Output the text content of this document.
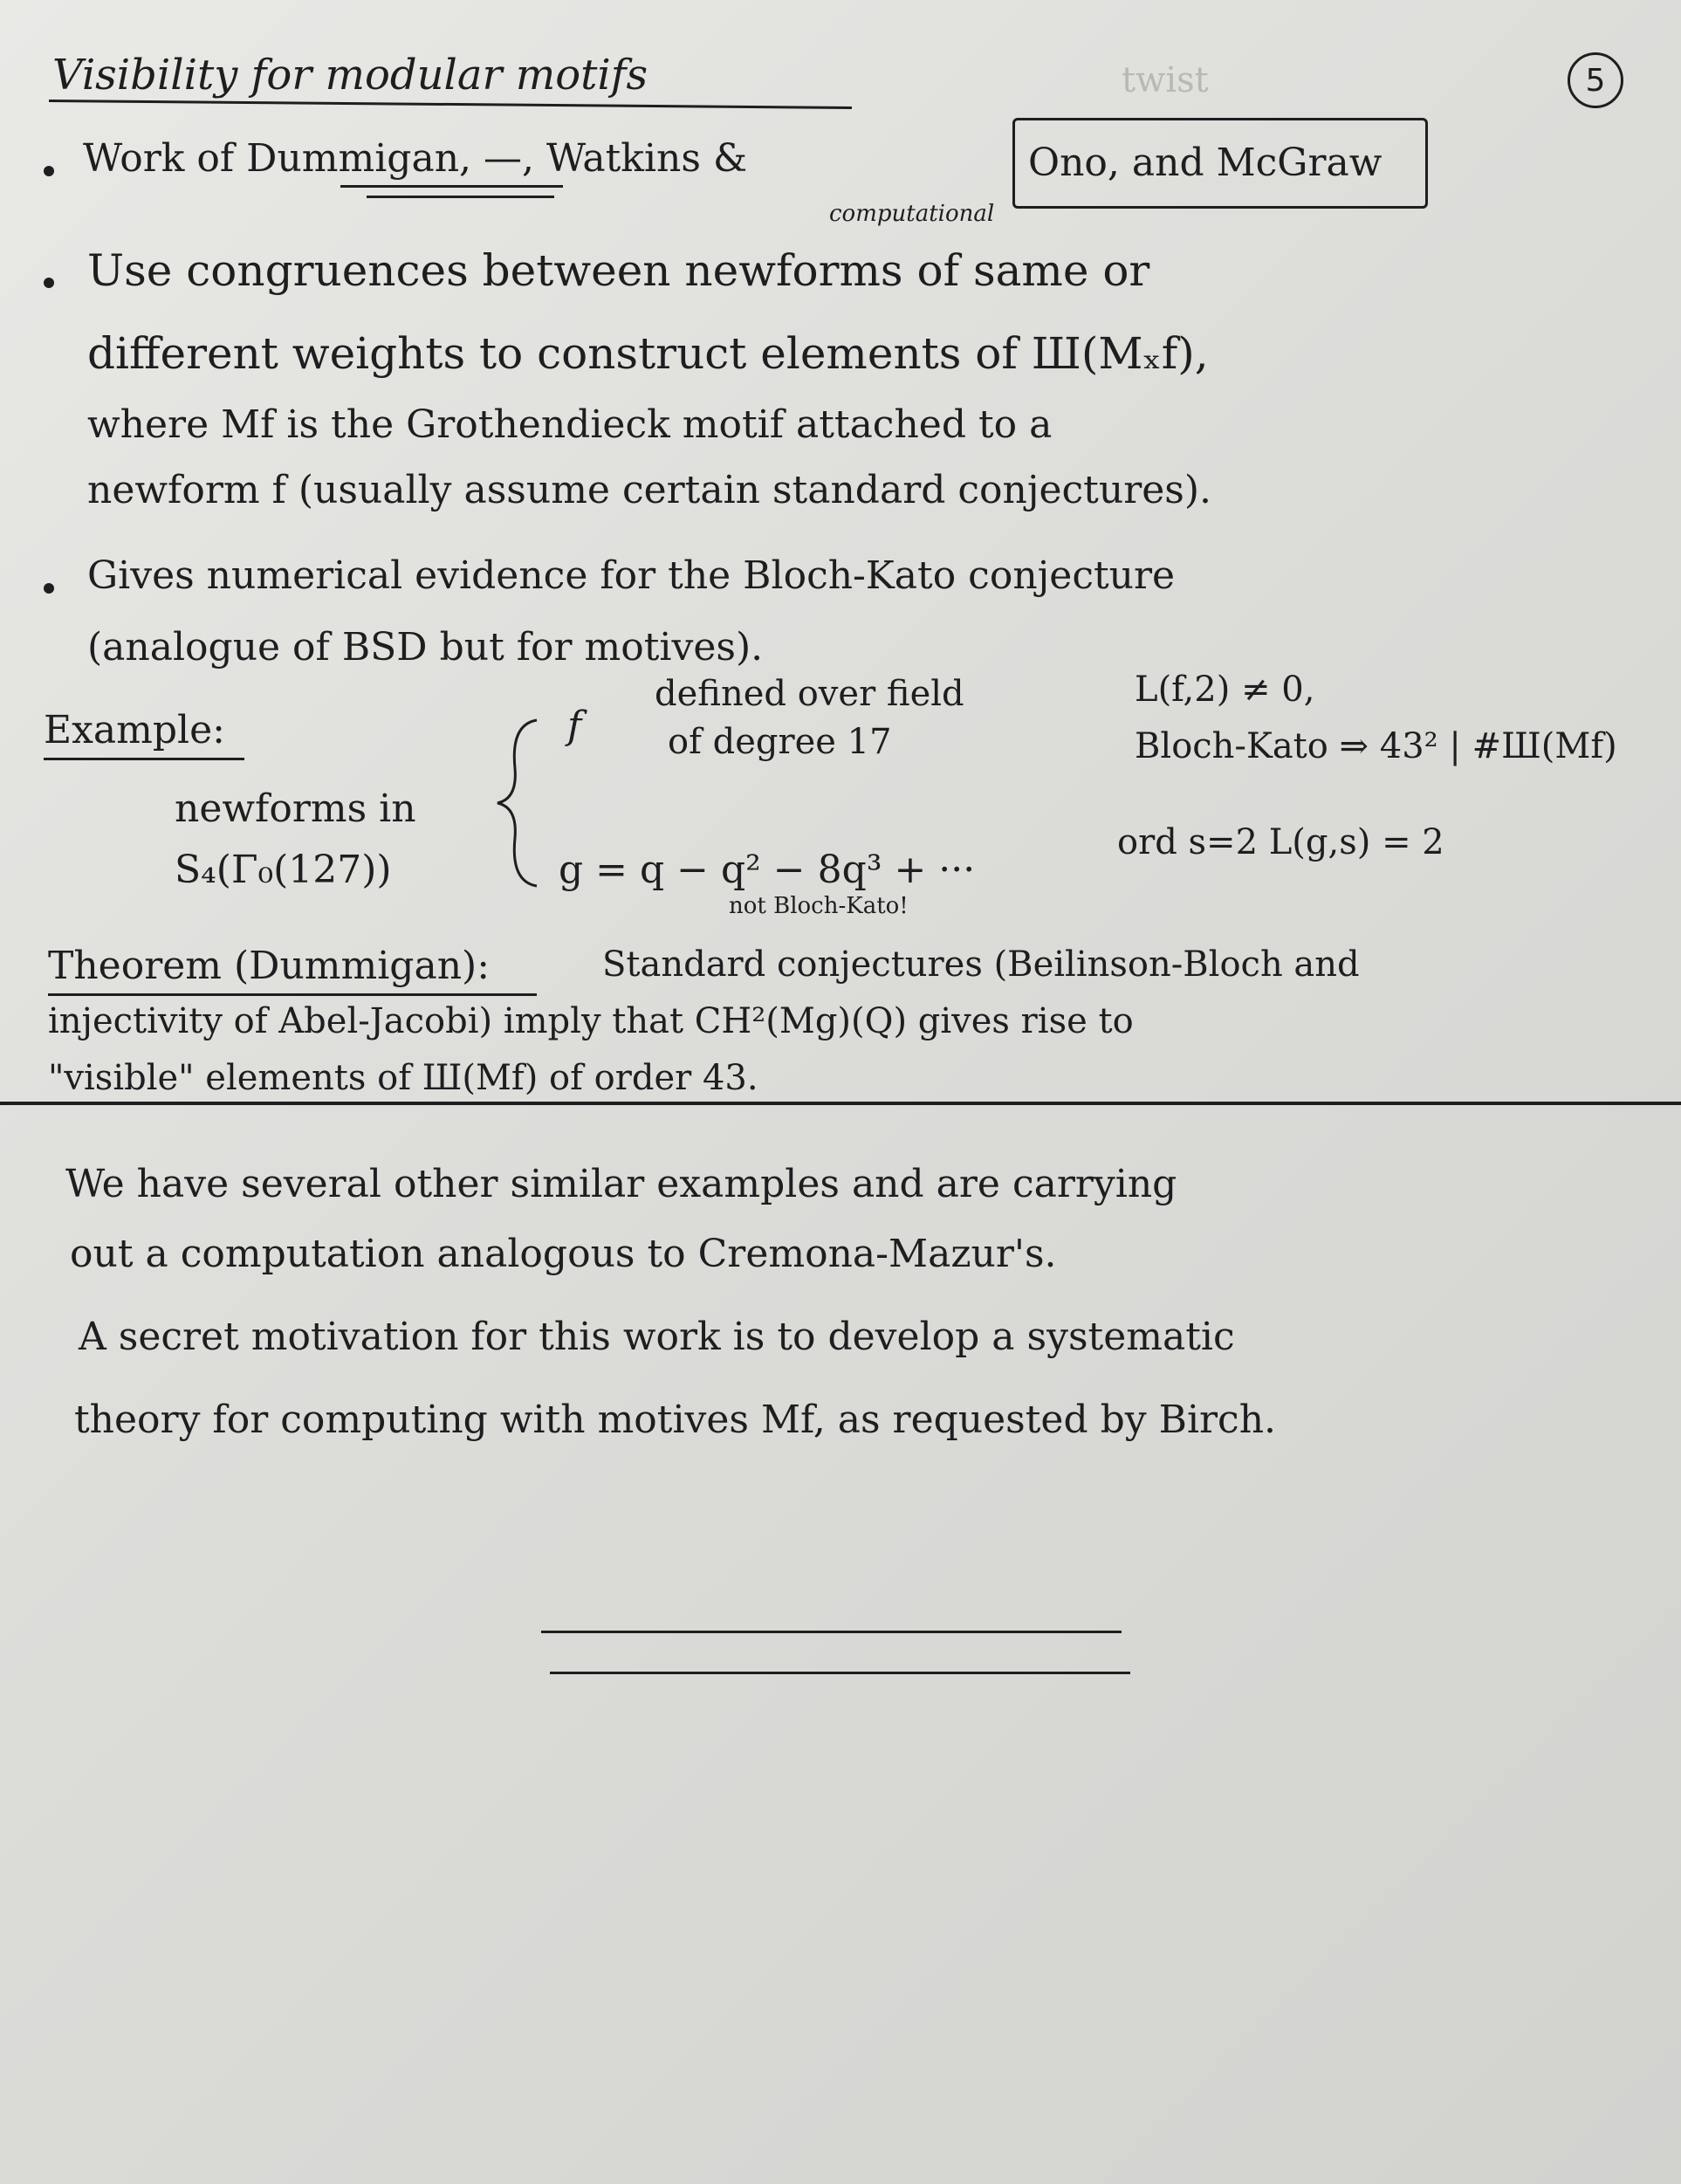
Visibility for modular motifs	twist	5
Work of Dummigan, —, Watkins &	Ono, and McGraw
computational
Use congruences between newforms of same or
different weights to construct elements of Ш(Mₓf),
where Mf is the Grothendieck motif attached to a
newform f (usually assume certain standard conjectures).
Gives numerical evidence for the Bloch-Kato conjecture
(analogue of BSD but for motives).
Example:
newforms in
S₄(Γ₀(127))
f
defined over field
of degree 17
L(f,2) ≠ 0,
Bloch-Kato ⇒ 43² | #Ш(Mf)
g = q − q² − 8q³ + ···
not Bloch-Kato!
ord s=2 L(g,s) = 2
Theorem (Dummigan):	Standard conjectures (Beilinson-Bloch and
injectivity of Abel-Jacobi) imply that CH²(Mg)(Q) gives rise to
"visible" elements of Ш(Mf) of order 43.
We have several other similar examples and are carrying
out a computation analogous to Cremona-Mazur's.
A secret motivation for this work is to develop a systematic
theory for computing with motives Mf, as requested by Birch.
